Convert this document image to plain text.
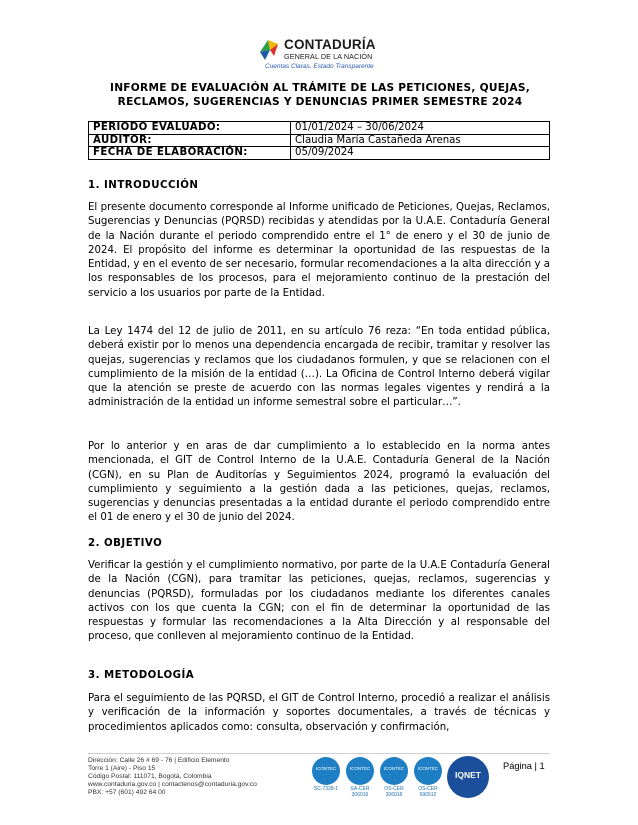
CONTADURÍA
GENERAL DE LA NACIÓN
Cuentas Claras, Estado Transparente
INFORME DE EVALUACIÓN AL TRÁMITE DE LAS PETICIONES, QUEJAS,
RECLAMOS, SUGERENCIAS Y DENUNCIAS PRIMER SEMESTRE 2024
PERIODO EVALUADO:	01/01/2024 – 30/06/2024
AUDITOR:	Claudia María Castañeda Arenas
FECHA DE ELABORACIÓN:	05/09/2024
1. INTRODUCCIÓN
El presente documento corresponde al Informe unificado de Peticiones, Quejas, Reclamos, Sugerencias y Denuncias (PQRSD) recibidas y atendidas por la U.A.E. Contaduría General de la Nación durante el periodo comprendido entre el 1° de enero y el 30 de junio de 2024. El propósito del informe es determinar la oportunidad de las respuestas de la Entidad, y en el evento de ser necesario, formular recomendaciones a la alta dirección y a los responsables de los procesos, para el mejoramiento continuo de la prestación del servicio a los usuarios por parte de la Entidad.
La Ley 1474 del 12 de julio de 2011, en su artículo 76 reza: “En toda entidad pública, deberá existir por lo menos una dependencia encargada de recibir, tramitar y resolver las quejas, sugerencias y reclamos que los ciudadanos formulen, y que se relacionen con el cumplimiento de la misión de la entidad (…). La Oficina de Control Interno deberá vigilar que la atención se preste de acuerdo con las normas legales vigentes y rendirá a la administración de la entidad un informe semestral sobre el particular…”.
Por lo anterior y en aras de dar cumplimiento a lo establecido en la norma antes mencionada, el GIT de Control Interno de la U.A.E. Contaduría General de la Nación (CGN), en su Plan de Auditorías y Seguimientos 2024, programó la evaluación del cumplimiento y seguimiento a la gestión dada a las peticiones, quejas, reclamos, sugerencias y denuncias presentadas a la entidad durante el periodo comprendido entre el 01 de enero y el 30 de junio del 2024.
2. OBJETIVO
Verificar la gestión y el cumplimiento normativo, por parte de la U.A.E Contaduría General de la Nación (CGN), para tramitar las peticiones, quejas, reclamos, sugerencias y denuncias (PQRSD), formuladas por los ciudadanos mediante los diferentes canales activos con los que cuenta la CGN; con el fin de determinar la oportunidad de las respuestas y formular las recomendaciones a la Alta Dirección y al responsable del proceso, que conlleven al mejoramiento continuo de la Entidad.
3. METODOLOGÍA
Para el seguimiento de las PQRSD, el GIT de Control Interno, procedió a realizar el análisis y verificación de la información y soportes documentales, a través de técnicas y procedimientos aplicados como: consulta, observación y confirmación,
Dirección: Calle 26 # 69 - 76 | Edificio Elemento
Torre 1 (Aire) - Piso 15
Código Postal: 111071, Bogotá, Colombia
www.contaduria.gov.co | contactenos@contaduria.gov.co
PBX: +57 (601) 492 64 00
ICONTEC
SC-7328-1
ICONTEC
SA-CER 306016
ICONTEC
OS-CER 306018
ICONTEC
OS-CER 696512
IQNET
Página | 1
